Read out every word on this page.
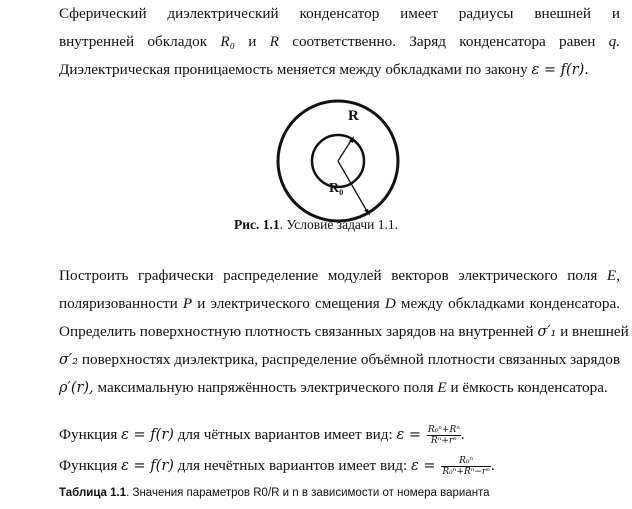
Сферический диэлектрический конденсатор имеет радиусы внешней и
внутренней обкладок R₀ и R соответственно. Заряд конденсатора равен q.
Диэлектрическая проницаемость меняется между обкладками по закону ε = f(r).
R
R₀
Рис. 1.1. Условие задачи 1.1.
Построить графически распределение модулей векторов электрического поля E,
поляризованности P и электрического смещения D между обкладками конденсатора.
Определить поверхностную плотность связанных зарядов на внутренней σ′₁ и внешней
σ′₂ поверхностях диэлектрика, распределение объёмной плотности связанных зарядов
ρ′(r), максимальную напряжённость электрического поля E и ёмкость конденсатора.
Функция ε = f(r) для чётных вариантов имеет вид: $\varepsilon = \frac{\text{R₀ⁿ+Rⁿ}}{\text{Rⁿ+rⁿ}}$ .
Функция ε = f(r) для нечётных вариантов имеет вид: $\varepsilon = \frac{\text{R₀ⁿ}}{\text{R₀ⁿ+Rⁿ−rⁿ}}$ .
Таблица 1.1. Значения параметров R0/R и n в зависимости от номера варианта
